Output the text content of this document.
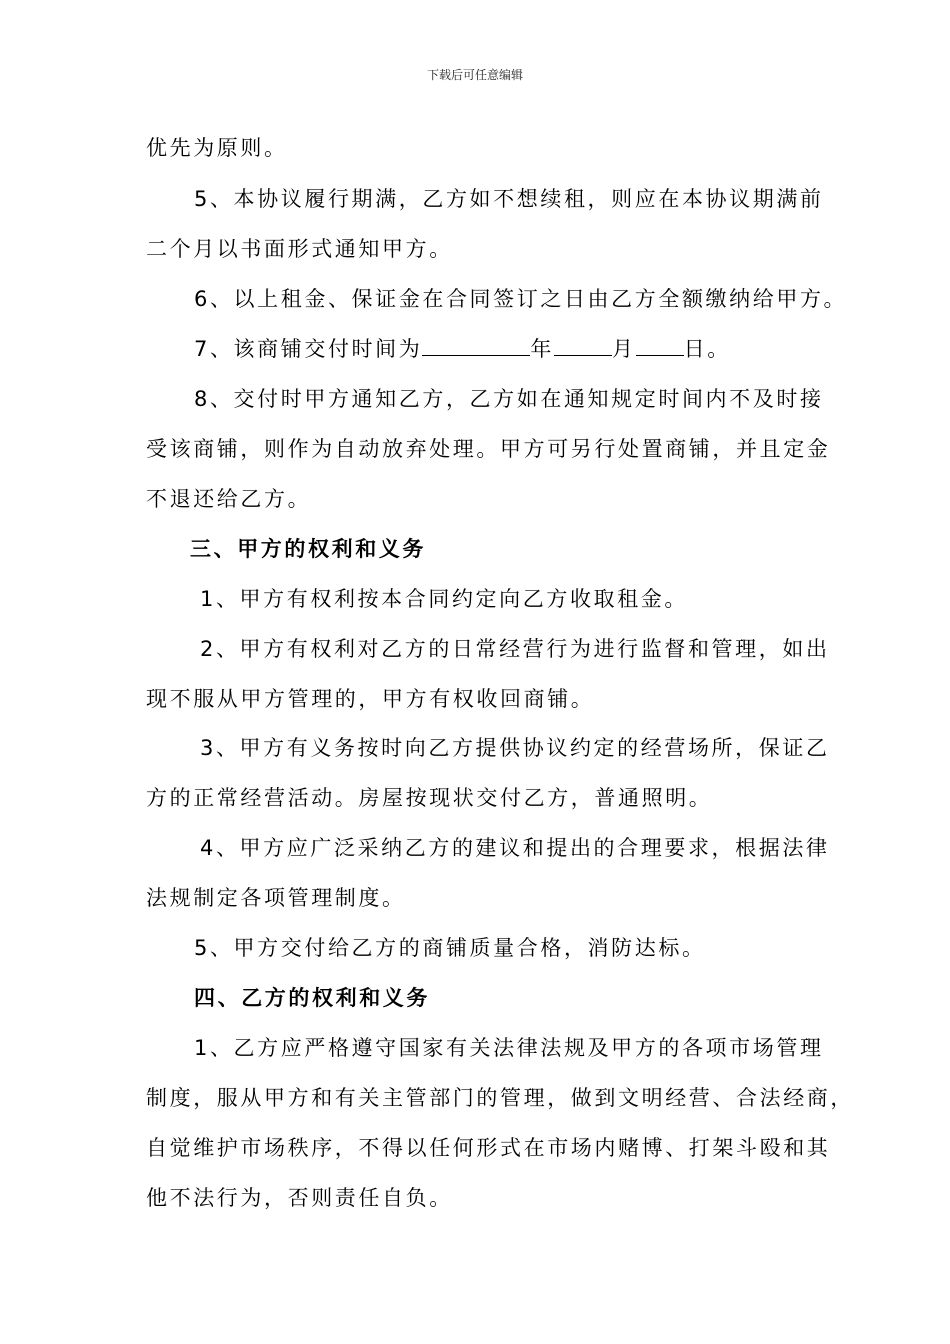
下载后可任意编辑
优先为原则。
5、本协议履行期满，乙方如不想续租，则应在本协议期满前
二个月以书面形式通知甲方。
6、以上租金、保证金在合同签订之日由乙方全额缴纳给甲方。
7、该商铺交付时间为	年	月 日。
8、交付时甲方通知乙方，乙方如在通知规定时间内不及时接
受该商铺，则作为自动放弃处理。甲方可另行处置商铺，并且定金
不退还给乙方。
三、甲方的权利和义务
1、甲方有权利按本合同约定向乙方收取租金。
2、甲方有权利对乙方的日常经营行为进行监督和管理，如出
现不服从甲方管理的，甲方有权收回商铺。
3、甲方有义务按时向乙方提供协议约定的经营场所，保证乙
方的正常经营活动。房屋按现状交付乙方，普通照明。
4、甲方应广泛采纳乙方的建议和提出的合理要求，根据法律
法规制定各项管理制度。
5、甲方交付给乙方的商铺质量合格，消防达标。
四、乙方的权利和义务
1、乙方应严格遵守国家有关法律法规及甲方的各项市场管理
制度，服从甲方和有关主管部门的管理，做到文明经营、合法经商，
自觉维护市场秩序，不得以任何形式在市场内赌博、打架斗殴和其
他不法行为，否则责任自负。
